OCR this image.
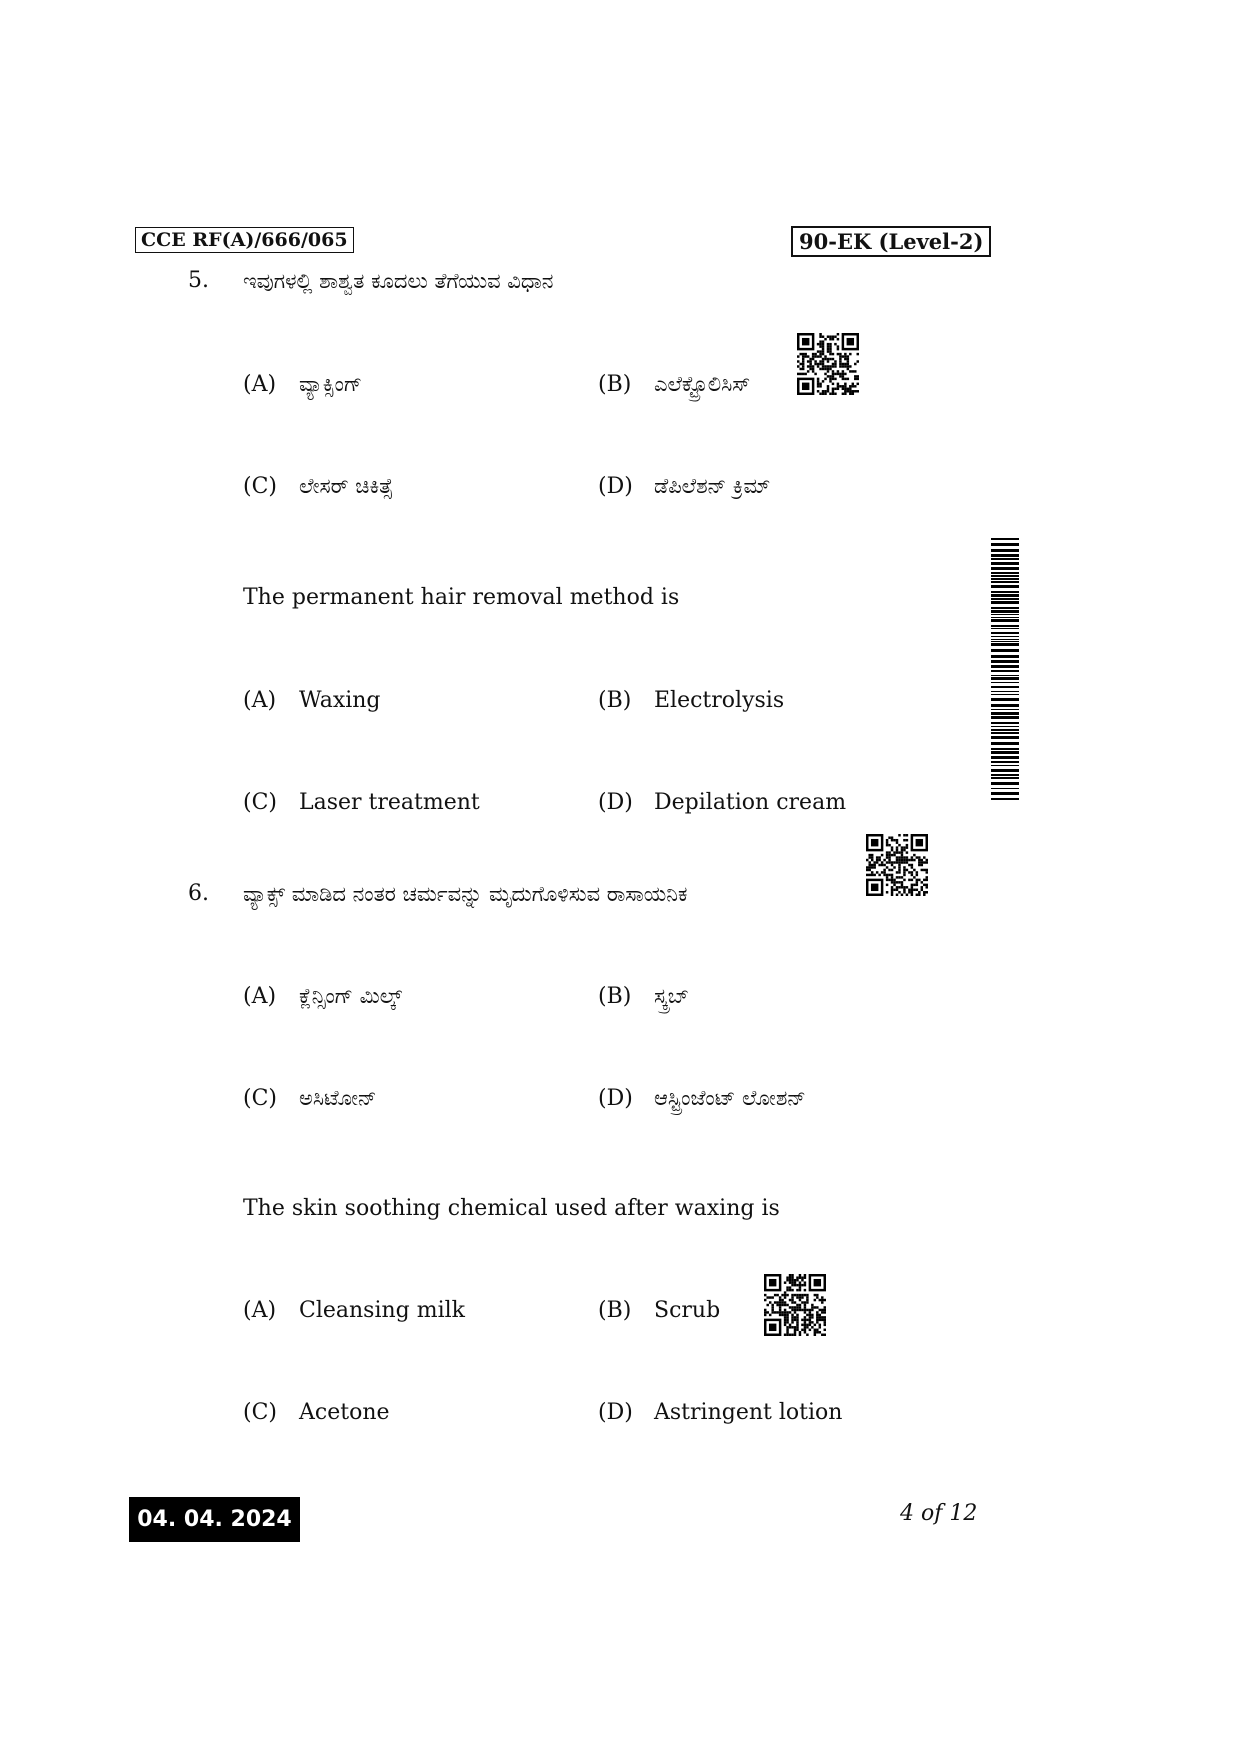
CCE RF(A)/666/065	90-EK (Level-2)
5. ಇವುಗಳಲ್ಲಿ ಶಾಶ್ವತ ಕೂದಲು ತೆಗೆಯುವ ವಿಧಾನ
(A) ವ್ಯಾಕ್ಸಿಂಗ್	(B) ಎಲೆಕ್ಟ್ರೊಲಿಸಿಸ್
(C) ಲೇಸರ್ ಚಿಕಿತ್ಸೆ	(D) ಡೆಪಿಲೆಶನ್ ಕ್ರಿಮ್
The permanent hair removal method is
(A) Waxing	(B) Electrolysis
(C) Laser treatment	(D) Depilation cream
6. ವ್ಯಾಕ್ಸ್ ಮಾಡಿದ ನಂತರ ಚರ್ಮವನ್ನು ಮೃದುಗೊಳಿಸುವ ರಾಸಾಯನಿಕ
(A) ಕ್ಲೆನ್ಸಿಂಗ್ ಮಿಲ್ಕ್	(B) ಸ್ಕ್ರಬ್
(C) ಅಸಿಟೋನ್	(D) ಆಸ್ಟ್ರಿಂಜೆಂಟ್ ಲೋಶನ್
The skin soothing chemical used after waxing is
(A) Cleansing milk	(B) Scrub
(C) Acetone	(D) Astringent lotion
04. 04. 2024	4 of 12
